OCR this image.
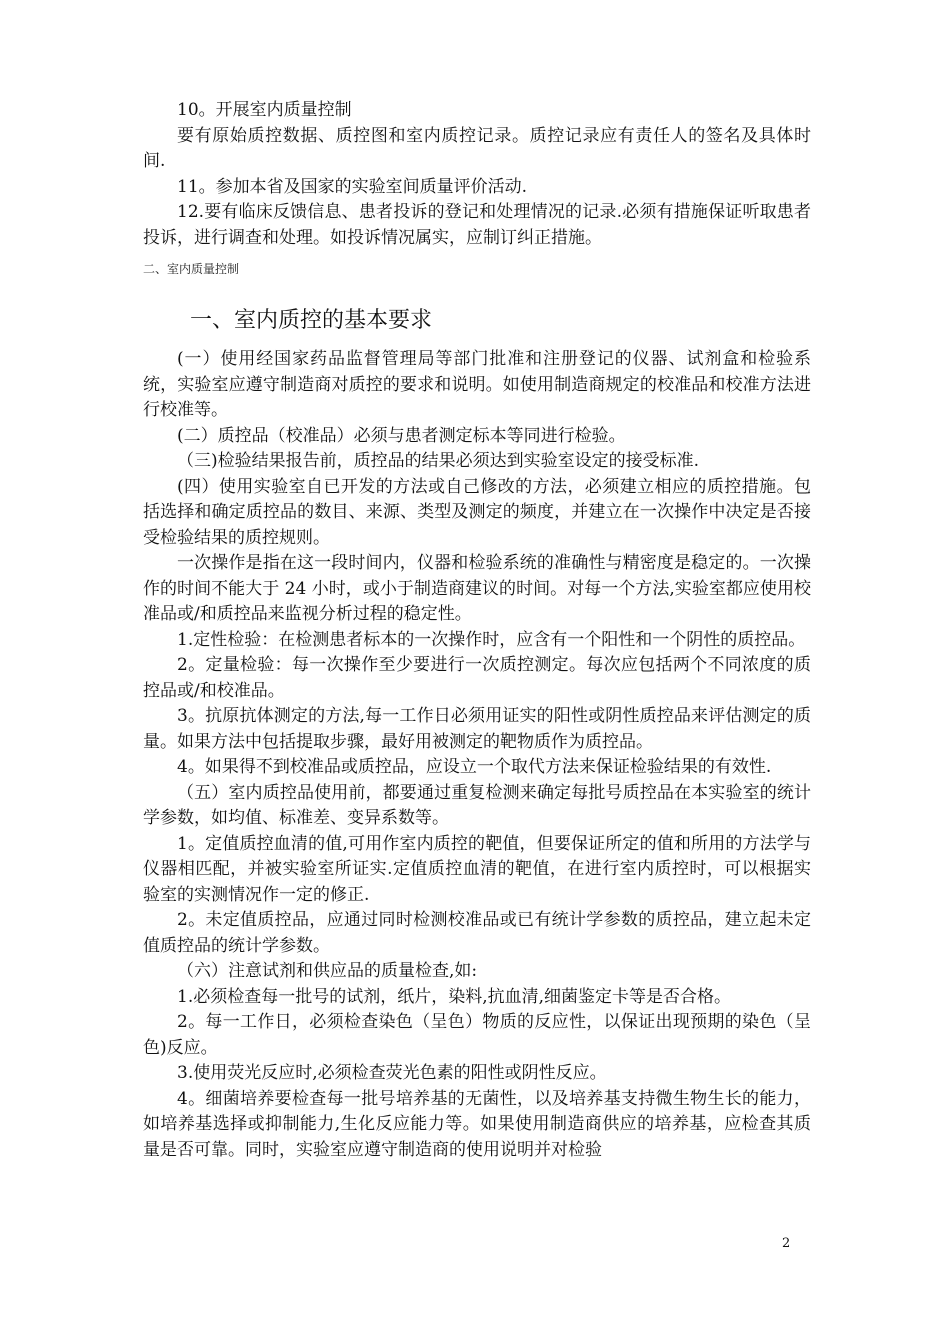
10。开展室内质量控制

要有原始质控数据、质控图和室内质控记录。质控记录应有责任人的签名及具体时间.

11。参加本省及国家的实验室间质量评价活动.

12.要有临床反馈信息、患者投诉的登记和处理情况的记录.必须有措施保证听取患者投诉，进行调查和处理。如投诉情况属实，应制订纠正措施。

二、室内质量控制
一、室内质控的基本要求

(一）使用经国家药品监督管理局等部门批准和注册登记的仪器、试剂盒和检验系统，实验室应遵守制造商对质控的要求和说明。如使用制造商规定的校准品和校准方法进行校准等。

(二）质控品（校准品）必须与患者测定标本等同进行检验。

（三)检验结果报告前，质控品的结果必须达到实验室设定的接受标准.

(四）使用实验室自已开发的方法或自己修改的方法，必须建立相应的质控措施。包括选择和确定质控品的数目、来源、类型及测定的频度，并建立在一次操作中决定是否接受检验结果的质控规则。

一次操作是指在这一段时间内，仪器和检验系统的准确性与精密度是稳定的。一次操作的时间不能大于 24 小时，或小于制造商建议的时间。对每一个方法,实验室都应使用校准品或/和质控品来监视分析过程的稳定性。

1.定性检验：在检测患者标本的一次操作时，应含有一个阳性和一个阴性的质控品。

2。定量检验：每一次操作至少要进行一次质控测定。每次应包括两个不同浓度的质控品或/和校准品。

3。抗原抗体测定的方法,每一工作日必须用证实的阳性或阴性质控品来评估测定的质量。如果方法中包括提取步骤，最好用被测定的靶物质作为质控品。

4。如果得不到校准品或质控品，应设立一个取代方法来保证检验结果的有效性.

（五）室内质控品使用前，都要通过重复检测来确定每批号质控品在本实验室的统计学参数，如均值、标准差、变异系数等。

1。定值质控血清的值,可用作室内质控的靶值，但要保证所定的值和所用的方法学与仪器相匹配，并被实验室所证实.定值质控血清的靶值，在进行室内质控时，可以根据实验室的实测情况作一定的修正.

2。未定值质控品，应通过同时检测校准品或已有统计学参数的质控品，建立起未定值质控品的统计学参数。

（六）注意试剂和供应品的质量检查,如:

1.必须检查每一批号的试剂，纸片，染料,抗血清,细菌鉴定卡等是否合格。

2。每一工作日，必须检查染色（呈色）物质的反应性，以保证出现预期的染色（呈色)反应。

3.使用荧光反应时,必须检查荧光色素的阳性或阴性反应。

4。细菌培养要检查每一批号培养基的无菌性，以及培养基支持微生物生长的能力，如培养基选择或抑制能力,生化反应能力等。如果使用制造商供应的培养基，应检查其质量是否可靠。同时，实验室应遵守制造商的使用说明并对检验

2
